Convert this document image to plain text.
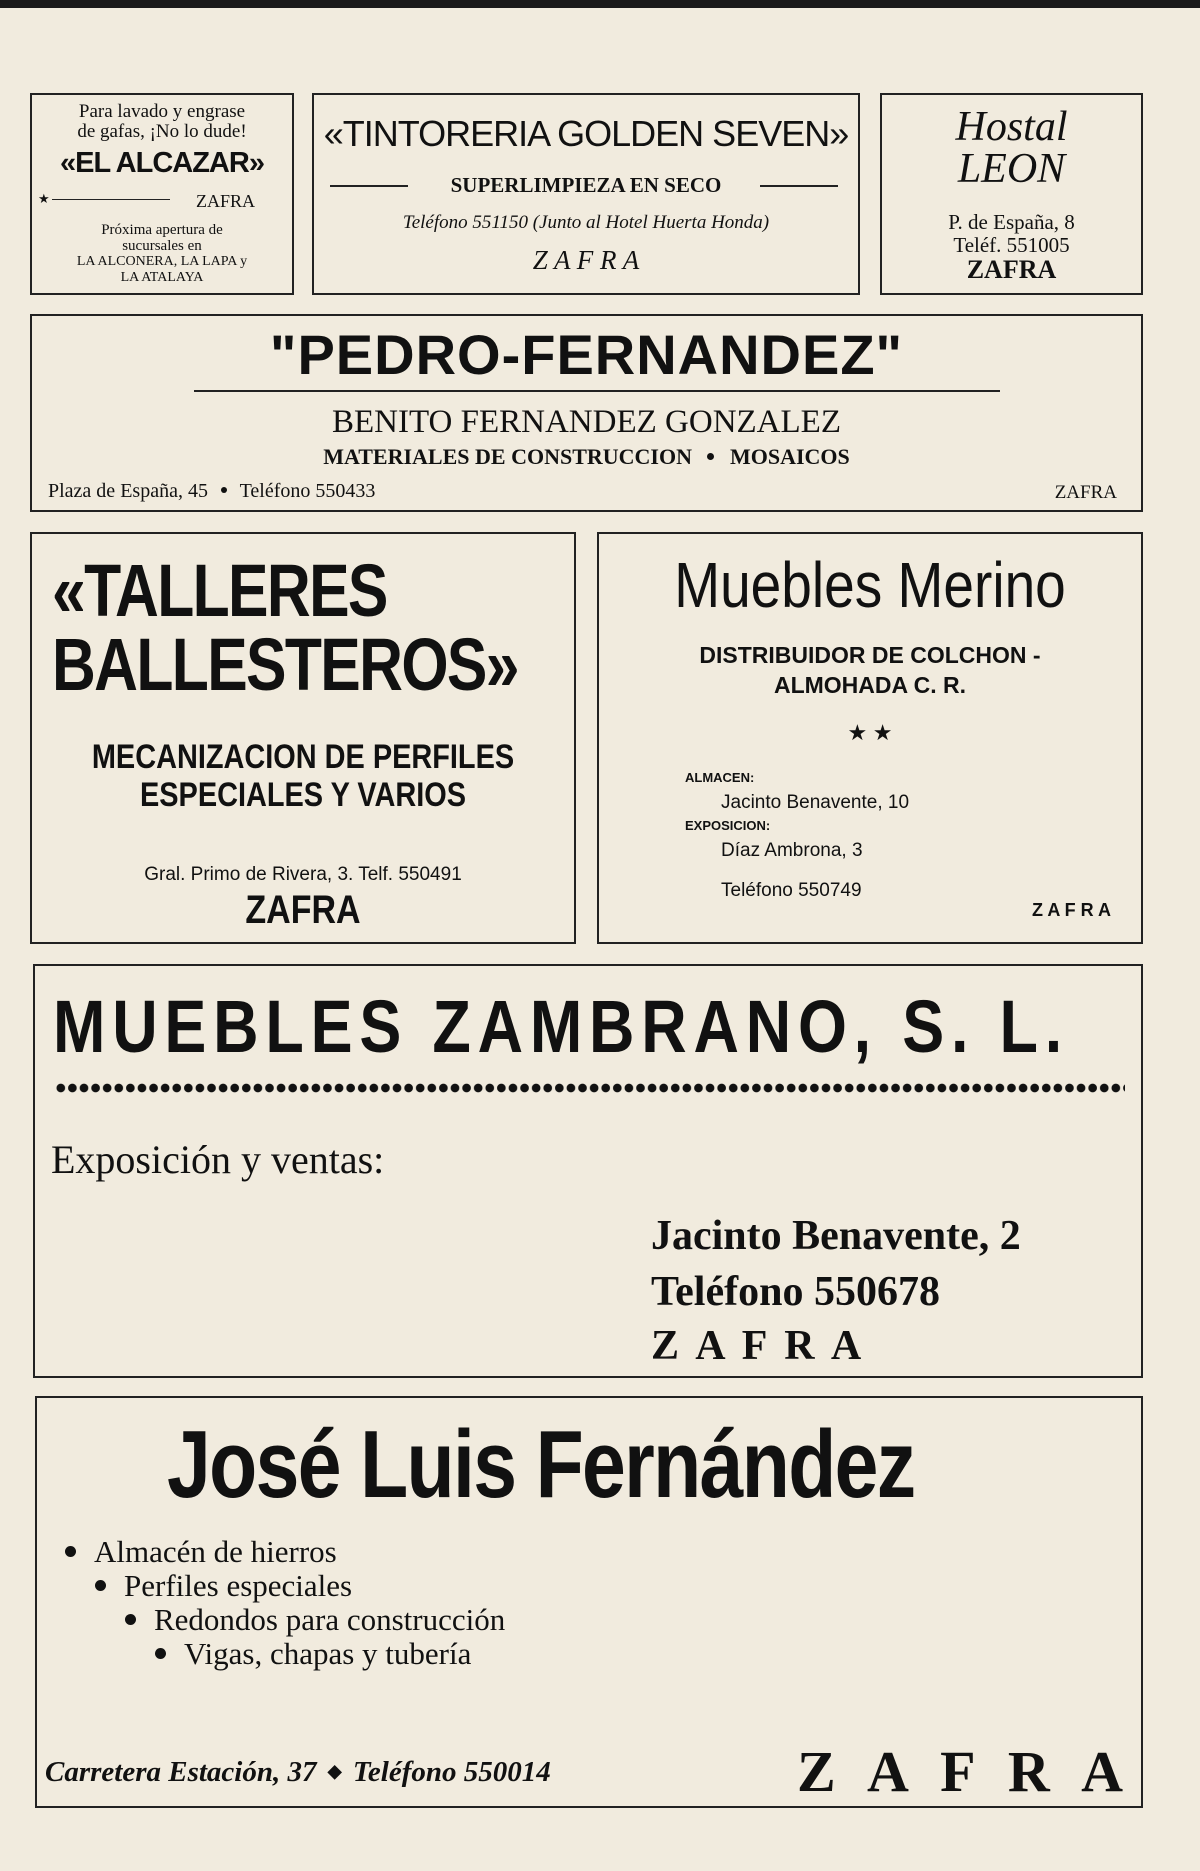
Para lavado y engrase
de gafas, ¡No lo dude!
«EL ALCAZAR»
★	ZAFRA
Próxima apertura de
sucursales en
LA ALCONERA, LA LAPA y
LA ATALAYA
«TINTORERIA GOLDEN SEVEN»
SUPERLIMPIEZA EN SECO
Teléfono 551150 (Junto al Hotel Huerta Honda)
Z A F R A
Hostal
LEON
P. de España, 8
Teléf. 551005
ZAFRA
"PEDRO-FERNANDEZ"
BENITO FERNANDEZ GONZALEZ
MATERIALES DE CONSTRUCCION MOSAICOS
Plaza de España, 45 Teléfono 550433	ZAFRA
«TALLERES
BALLESTEROS»
MECANIZACION DE PERFILES
ESPECIALES Y VARIOS
Gral. Primo de Rivera, 3. Telf. 550491
ZAFRA
Muebles Merino
DISTRIBUIDOR DE COLCHON -
ALMOHADA C. R.
★ ★
ALMACEN:
Jacinto Benavente, 10
EXPOSICION:
Díaz Ambrona, 3
Teléfono 550749
Z A F R A
MUEBLES ZAMBRANO, S. L.
Exposición y ventas:
Jacinto Benavente, 2
Teléfono 550678
Z A F R A
José Luis Fernández
Almacén de hierros
Perfiles especiales
Redondos para construcción
Vigas, chapas y tubería
Carretera Estación, 37 ◆ Teléfono 550014	Z A F R A
